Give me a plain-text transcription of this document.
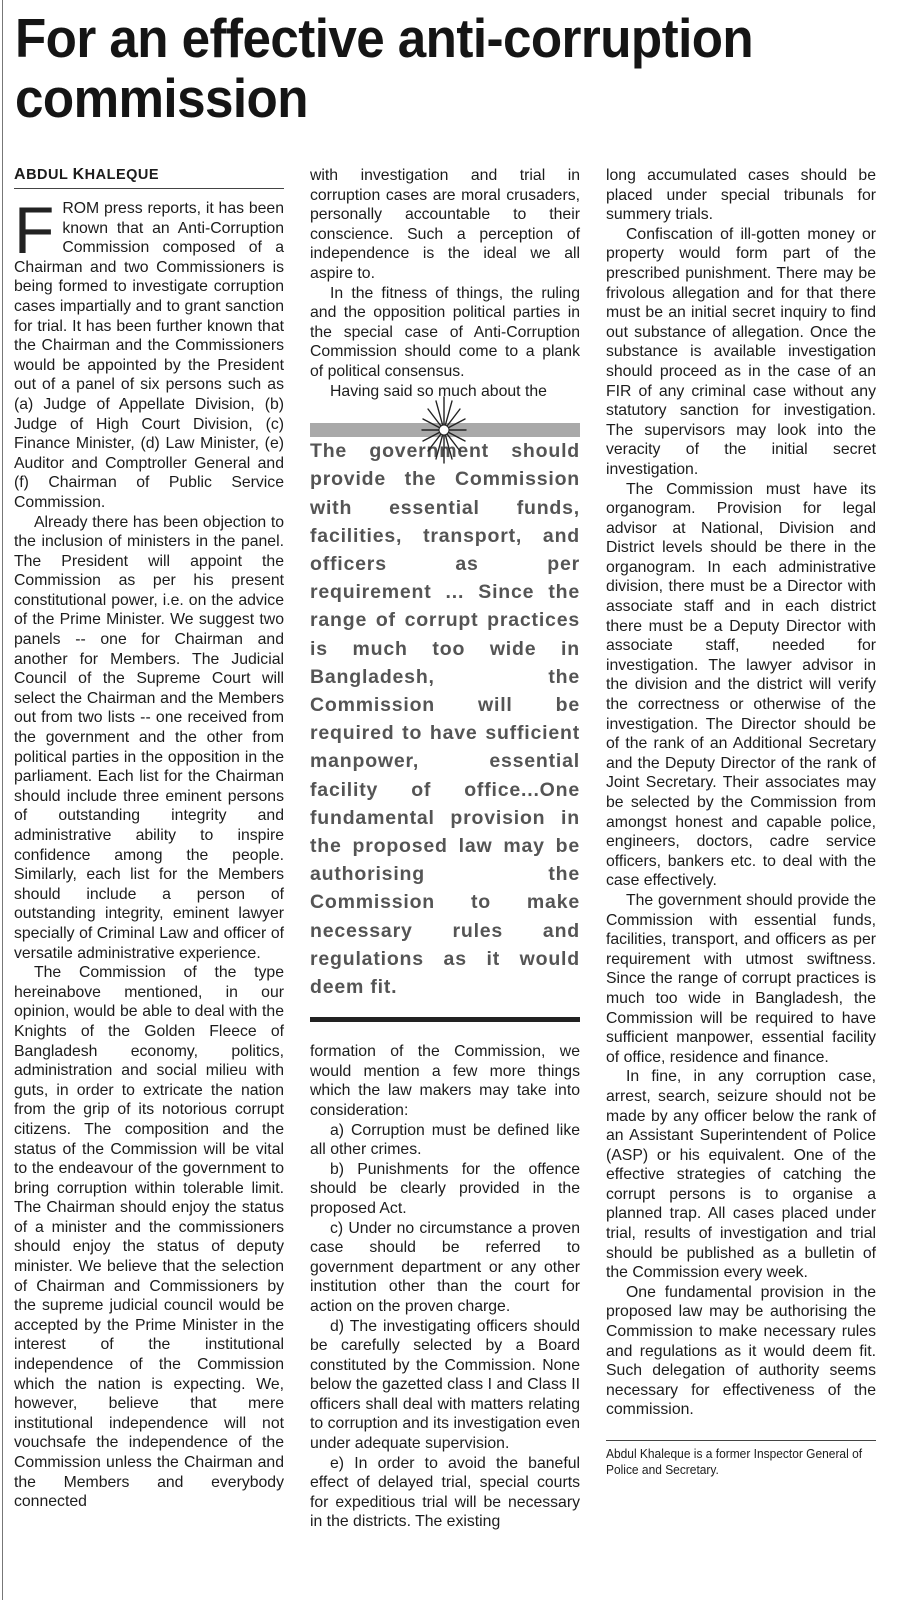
For an effective anti-corruption commission
ABDUL KHALEQUE

FROM press reports, it has been known that an Anti-Corruption Commission composed of a Chairman and two Commissioners is being formed to investigate corruption cases impartially and to grant sanction for trial. It has been further known that the Chairman and the Commissioners would be appointed by the President out of a panel of six persons such as (a) Judge of Appellate Division, (b) Judge of High Court Division, (c) Finance Minister, (d) Law Minister, (e) Auditor and Comptroller General and (f) Chairman of Public Service Commission.

Already there has been objection to the inclusion of ministers in the panel. The President will appoint the Commission as per his present constitutional power, i.e. on the advice of the Prime Minister. We suggest two panels -- one for Chairman and another for Members. The Judicial Council of the Supreme Court will select the Chairman and the Members out from two lists -- one received from the government and the other from political parties in the opposition in the parliament. Each list for the Chairman should include three eminent persons of outstanding integrity and administrative ability to inspire confidence among the people. Similarly, each list for the Members should include a person of outstanding integrity, eminent lawyer specially of Criminal Law and officer of versatile administrative experience.

The Commission of the type hereinabove mentioned, in our opinion, would be able to deal with the Knights of the Golden Fleece of Bangladesh economy, politics, administration and social milieu with guts, in order to extricate the nation from the grip of its notorious corrupt citizens. The composition and the status of the Commission will be vital to the endeavour of the government to bring corruption within tolerable limit. The Chairman should enjoy the status of a minister and the commissioners should enjoy the status of deputy minister. We believe that the selection of Chairman and Commissioners by the supreme judicial council would be accepted by the Prime Minister in the interest of the institutional independence of the Commission which the nation is expecting. We, however, believe that mere institutional independence will not vouchsafe the independence of the Commission unless the Chairman and the Members and everybody connected

with investigation and trial in corruption cases are moral crusaders, personally accountable to their conscience. Such a perception of independence is the ideal we all aspire to.

In the fitness of things, the ruling and the opposition political parties in the special case of Anti-Corruption Commission should come to a plank of political consensus.

Having said so much about the

The government should provide the Commission with essential funds, facilities, transport, and officers as per requirement ... Since the range of corrupt practices is much too wide in Bangladesh, the Commission will be required to have sufficient manpower, essential facility of office...One fundamental provision in the proposed law may be authorising the Commission to make necessary rules and regulations as it would deem fit.

formation of the Commission, we would mention a few more things which the law makers may take into consideration:

a) Corruption must be defined like all other crimes.

b) Punishments for the offence should be clearly provided in the proposed Act.

c) Under no circumstance a proven case should be referred to government department or any other institution other than the court for action on the proven charge.

d) The investigating officers should be carefully selected by a Board constituted by the Commission. None below the gazetted class I and Class II officers shall deal with matters relating to corruption and its investigation even under adequate supervision.

e) In order to avoid the baneful effect of delayed trial, special courts for expeditious trial will be necessary in the districts. The existing

long accumulated cases should be placed under special tribunals for summery trials.

Confiscation of ill-gotten money or property would form part of the prescribed punishment. There may be frivolous allegation and for that there must be an initial secret inquiry to find out substance of allegation. Once the substance is available investigation should proceed as in the case of an FIR of any criminal case without any statutory sanction for investigation. The supervisors may look into the veracity of the initial secret investigation.

The Commission must have its organogram. Provision for legal advisor at National, Division and District levels should be there in the organogram. In each administrative division, there must be a Director with associate staff and in each district there must be a Deputy Director with associate staff, needed for investigation. The lawyer advisor in the division and the district will verify the correctness or otherwise of the investigation. The Director should be of the rank of an Additional Secretary and the Deputy Director of the rank of Joint Secretary. Their associates may be selected by the Commission from amongst honest and capable police, engineers, doctors, cadre service officers, bankers etc. to deal with the case effectively.

The government should provide the Commission with essential funds, facilities, transport, and officers as per requirement with utmost swiftness. Since the range of corrupt practices is much too wide in Bangladesh, the Commission will be required to have sufficient manpower, essential facility of office, residence and finance.

In fine, in any corruption case, arrest, search, seizure should not be made by any officer below the rank of an Assistant Superintendent of Police (ASP) or his equivalent. One of the effective strategies of catching the corrupt persons is to organise a planned trap. All cases placed under trial, results of investigation and trial should be published as a bulletin of the Commission every week.

One fundamental provision in the proposed law may be authorising the Commission to make necessary rules and regulations as it would deem fit. Such delegation of authority seems necessary for effectiveness of the commission.

Abdul Khaleque is a former Inspector General of Police and Secretary.
